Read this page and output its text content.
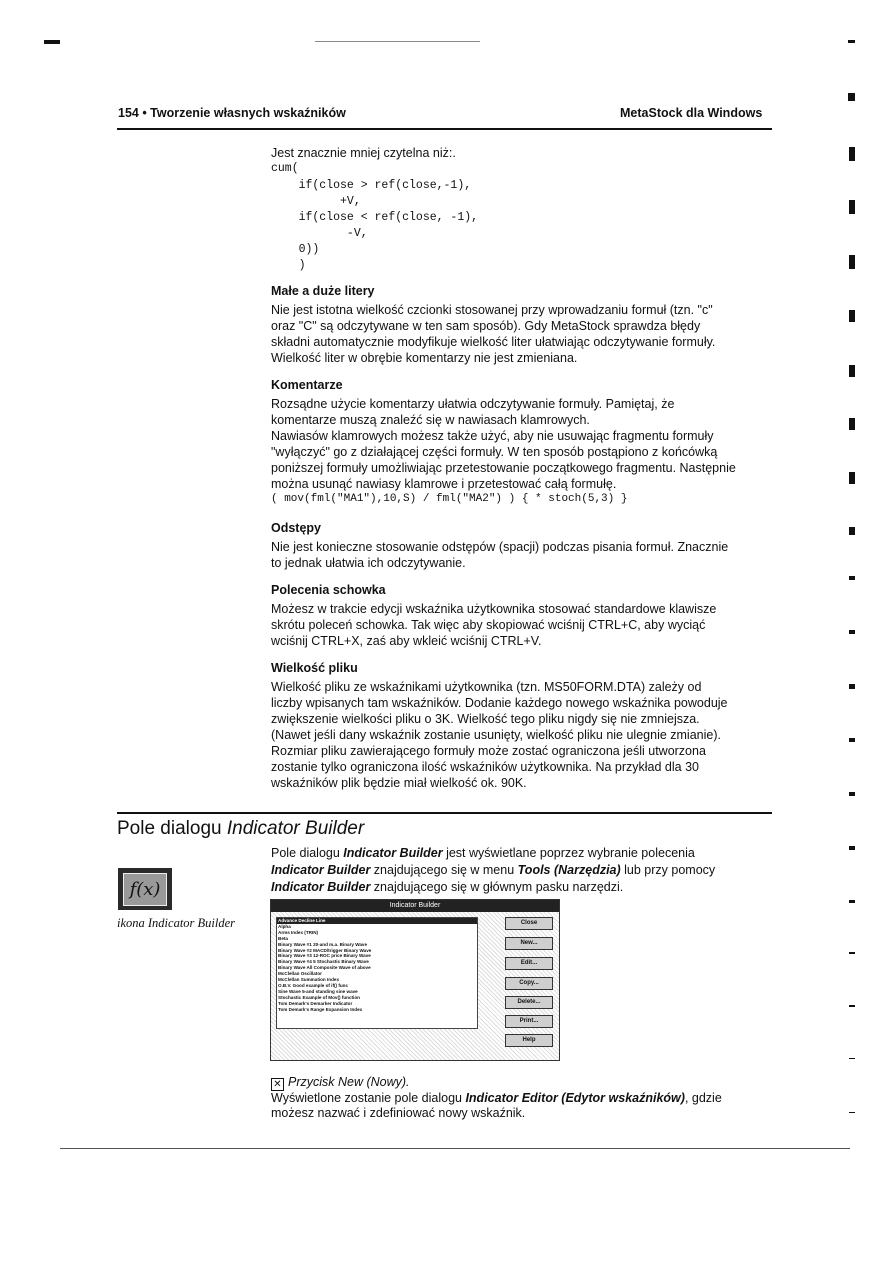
154 • Tworzenie własnych wskaźników	MetaStock dla Windows
Jest znacznie mniej czytelna niż:.
cum(
if(close > ref(close,-1),
+V,
if(close < ref(close, -1),
-V,
0))
)

Małe a duże litery

Nie jest istotna wielkość czcionki stosowanej przy wprowadzaniu formuł (tzn. "c"

oraz "C" są odczytywane w ten sam sposób). Gdy MetaStock sprawdza błędy

składni automatycznie modyfikuje wielkość liter ułatwiając odczytywanie formuły.

Wielkość liter w obrębie komentarzy nie jest zmieniana.

Komentarze

Rozsądne użycie komentarzy ułatwia odczytywanie formuły. Pamiętaj, że

komentarze muszą znaleźć się w nawiasach klamrowych.

Nawiasów klamrowych możesz także użyć, aby nie usuwając fragmentu formuły

"wyłączyć" go z działającej części formuły. W ten sposób postąpiono z końcówką

poniższej formuły umożliwiając przetestowanie początkowego fragmentu. Następnie

można usunąć nawiasy klamrowe i przetestować całą formułę.

( mov(fml("MA1"),10,S) / fml("MA2") ) { * stoch(5,3) }

Odstępy

Nie jest konieczne stosowanie odstępów (spacji) podczas pisania formuł. Znacznie

to jednak ułatwia ich odczytywanie.

Polecenia schowka

Możesz w trakcie edycji wskaźnika użytkownika stosować standardowe klawisze

skrótu poleceń schowka. Tak więc aby skopiować wciśnij CTRL+C, aby wyciąć

wciśnij CTRL+X, zaś aby wkleić wciśnij CTRL+V.

Wielkość pliku

Wielkość pliku ze wskaźnikami użytkownika (tzn. MS50FORM.DTA) zależy od

liczby wpisanych tam wskaźników. Dodanie każdego nowego wskaźnika powoduje

zwiększenie wielkości pliku o 3K. Wielkość tego pliku nigdy się nie zmniejsza.

(Nawet jeśli dany wskaźnik zostanie usunięty, wielkość pliku nie ulegnie zmianie).

Rozmiar pliku zawierającego formuły może zostać ograniczona jeśli utworzona

zostanie tylko ograniczona ilość wskaźników użytkownika. Na przykład dla 30

wskaźników plik będzie miał wielkość ok. 90K.

Pole dialogu Indicator Builder

Pole dialogu Indicator Builder jest wyświetlane poprzez wybranie polecenia

Indicator Builder znajdującego się w menu Tools (Narzędzia) lub przy pomocy

Indicator Builder znajdującego się w głównym pasku narzędzi.

f(x)
ikona Indicator Builder
Indicator Builder
Advance Decline Line
Alpha
Arms Index (TRIN)
Beta
Binary Wave #1 20-and m.a. Binary Wave
Binary Wave #2 MACD/trigger Binary Wave
Binary Wave #3 12-ROC price Binary Wave
Binary Wave #4 5 Stochastic Binary Wave
Binary Wave All Composite Wave of above
McClellan Oscillator
McClellan Summation Index
O.B.V. Good example of if() func
Sine Wave 5-and standing sine wave
Stochastic Example of Mov() function
Tom Demark's Demarker Indicator
Tom Demark's Range Expansion Index
Close
New...
Edit...
Copy...
Delete...
Print...
Help
✕ Przycisk New (Nowy).
Wyświetlone zostanie pole dialogu Indicator Editor (Edytor wskaźników), gdzie
możesz nazwać i zdefiniować nowy wskaźnik.
